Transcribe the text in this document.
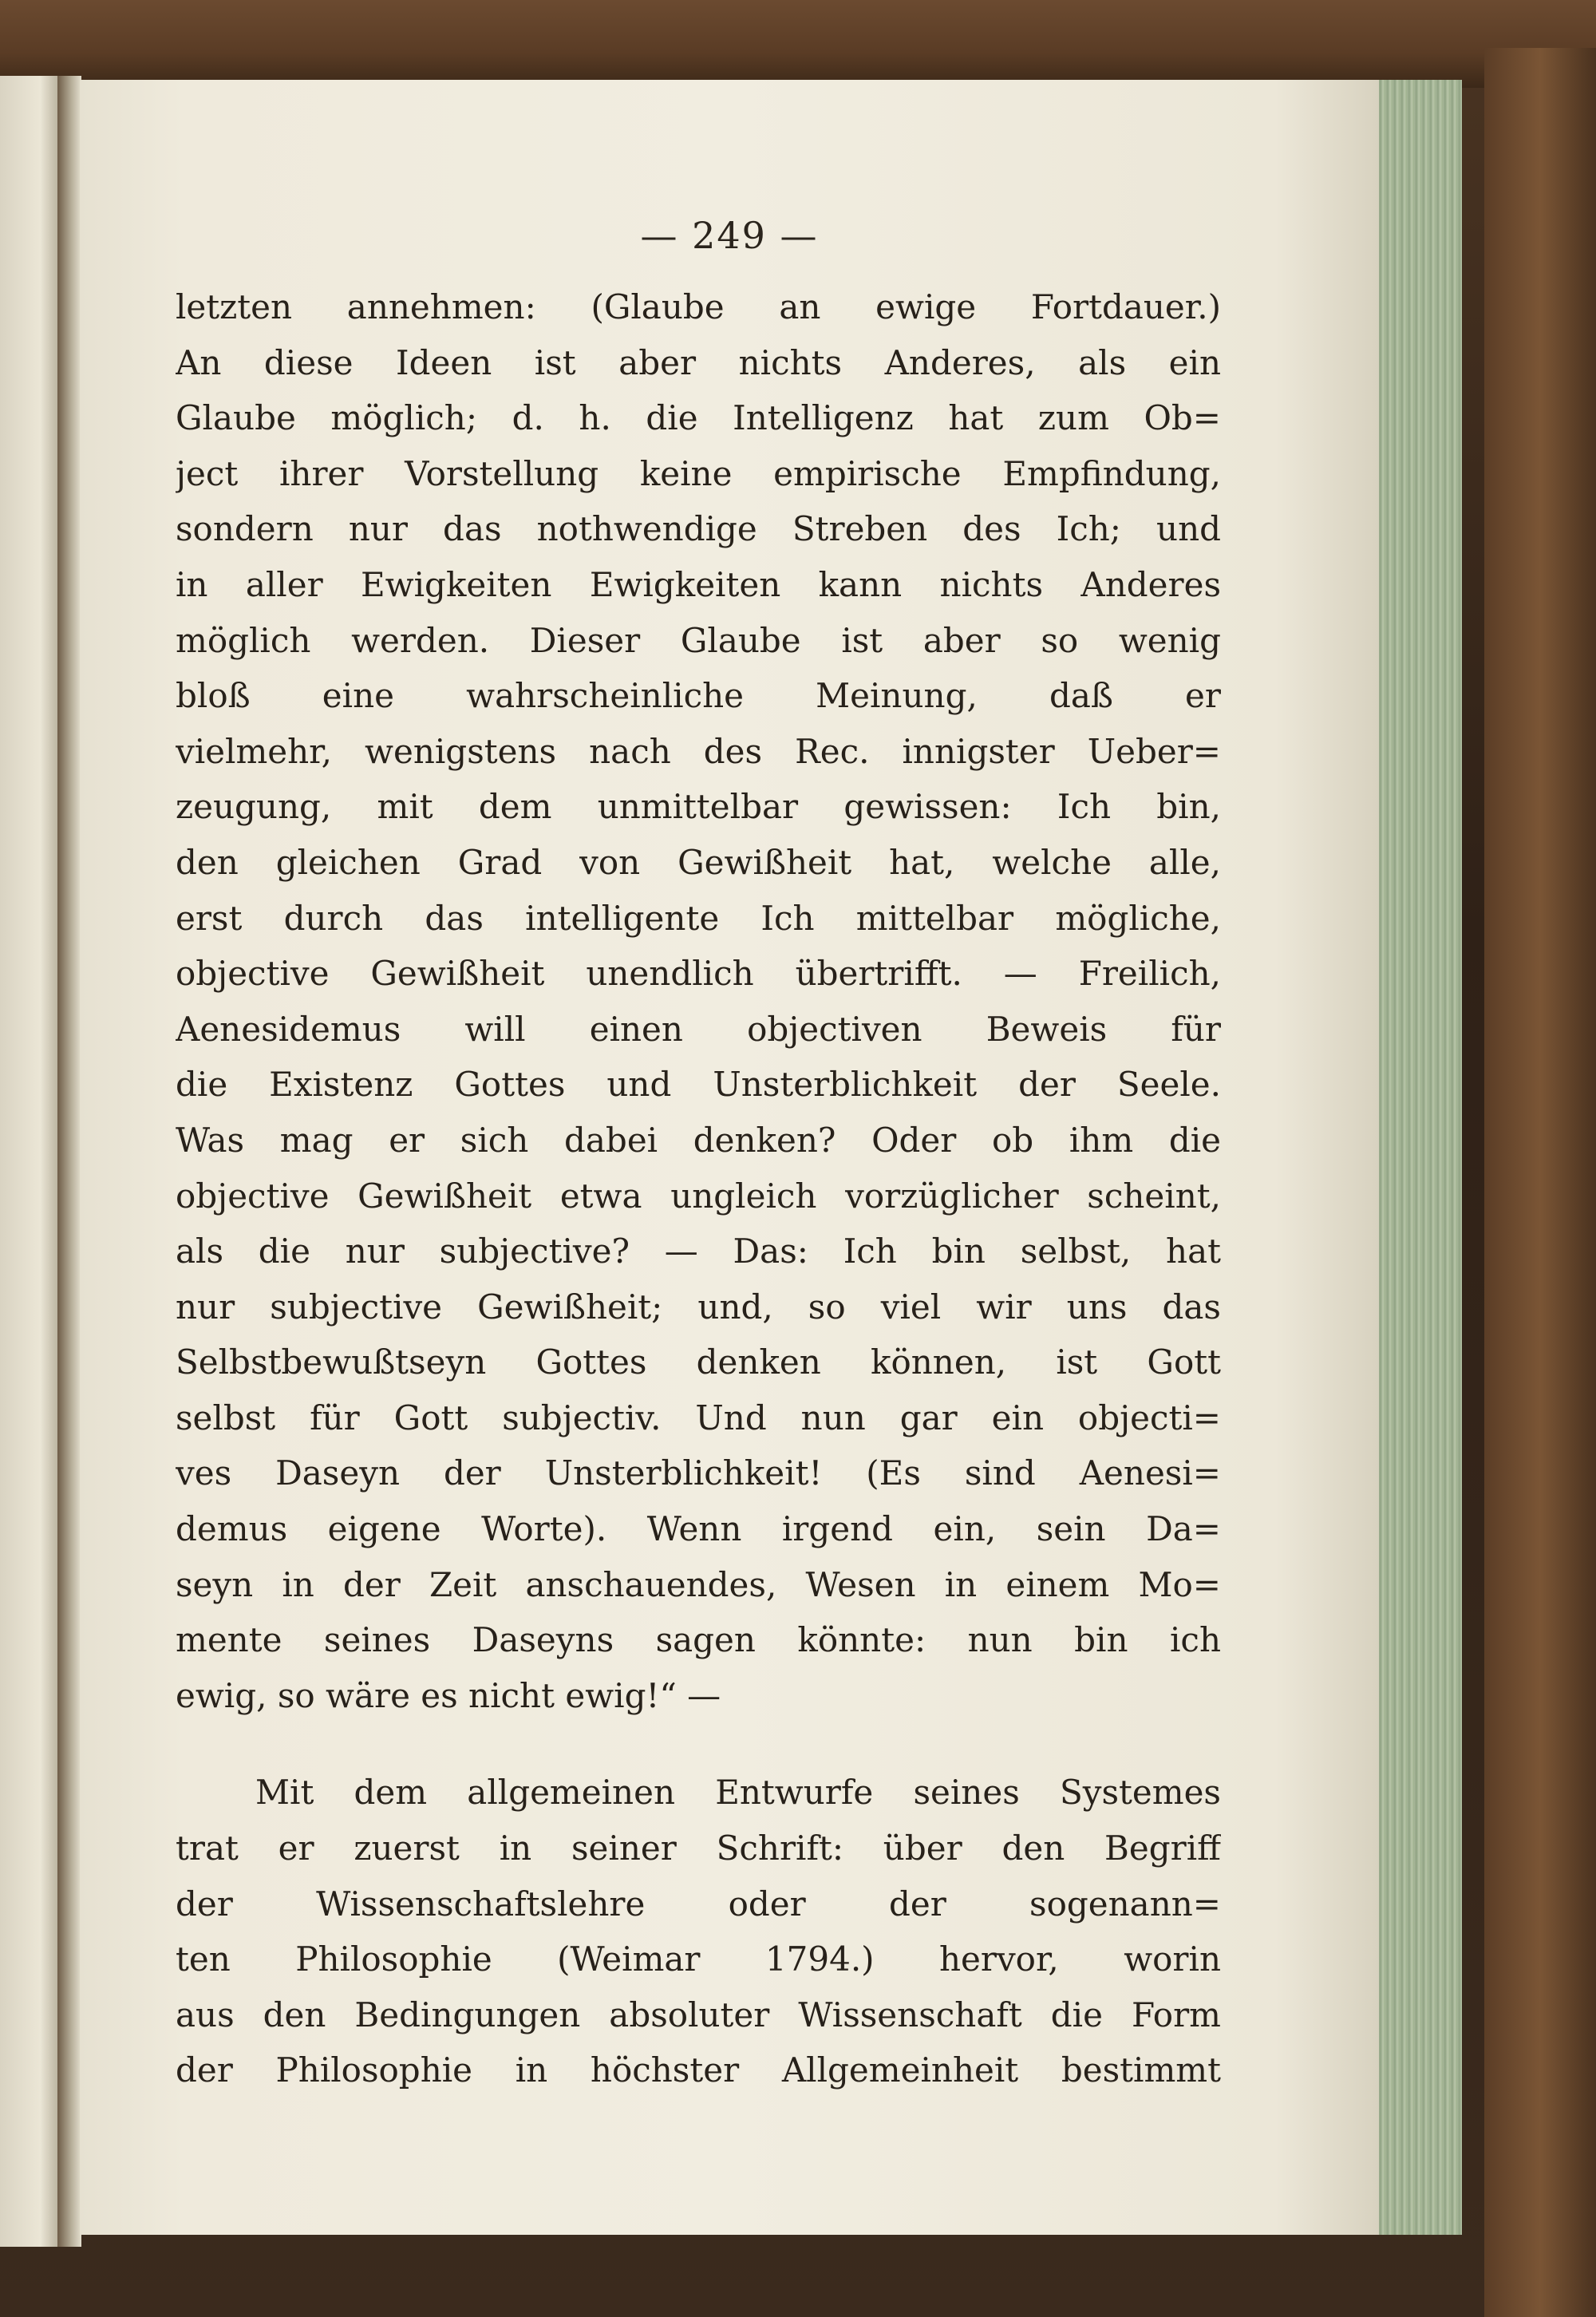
— 249 —
letzten annehmen: (Glaube an ewige Fortdauer.)
An diese Ideen ist aber nichts Anderes, als ein
Glaube möglich; d. h. die Intelligenz hat zum Ob=
ject ihrer Vorstellung keine empirische Empfindung,
sondern nur das nothwendige Streben des Ich; und
in aller Ewigkeiten Ewigkeiten kann nichts Anderes
möglich werden. Dieser Glaube ist aber so wenig
bloß eine wahrscheinliche Meinung, daß er
vielmehr, wenigstens nach des Rec. innigster Ueber=
zeugung, mit dem unmittelbar gewissen: Ich bin,
den gleichen Grad von Gewißheit hat, welche alle,
erst durch das intelligente Ich mittelbar mögliche,
objective Gewißheit unendlich übertrifft. — Freilich,
Aenesidemus will einen objectiven Beweis für
die Existenz Gottes und Unsterblichkeit der Seele.
Was mag er sich dabei denken? Oder ob ihm die
objective Gewißheit etwa ungleich vorzüglicher scheint,
als die nur subjective? — Das: Ich bin selbst, hat
nur subjective Gewißheit; und, so viel wir uns das
Selbstbewußtseyn Gottes denken können, ist Gott
selbst für Gott subjectiv. Und nun gar ein objecti=
ves Daseyn der Unsterblichkeit! (Es sind Aenesi=
demus eigene Worte). Wenn irgend ein, sein Da=
seyn in der Zeit anschauendes, Wesen in einem Mo=
mente seines Daseyns sagen könnte: nun bin ich
ewig, so wäre es nicht ewig!“ —
Mit dem allgemeinen Entwurfe seines Systemes
trat er zuerst in seiner Schrift: über den Begriff
der Wissenschaftslehre oder der sogenann=
ten Philosophie (Weimar 1794.) hervor, worin
aus den Bedingungen absoluter Wissenschaft die Form
der Philosophie in höchster Allgemeinheit bestimmt
